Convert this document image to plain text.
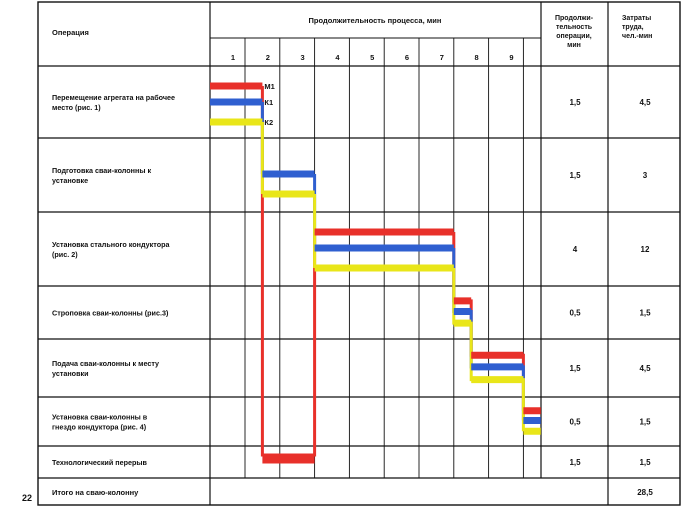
22
Операция
Продолжительность процесса, мин	Продолжи-
тельность
операции,
мин
Затраты
труда,
чел.-мин
1	2	3	4	5	6	7	8	9
Перемещение агрегата на рабочее
место (рис. 1)
1,5	4,5
Подготовка сваи-колонны к
установке
1,5	3
Установка стального кондуктора
(рис. 2)
4	12
Строповка сваи-колонны (рис.3)	0,5	1,5
Подача сваи-колонны к месту
установки
1,5	4,5
Установка сваи-колонны в
гнездо кондуктора (рис. 4)
0,5	1,5
Технологический перерыв	1,5	1,5
Итого на сваю-колонну	28,5
М1
К1
К2
